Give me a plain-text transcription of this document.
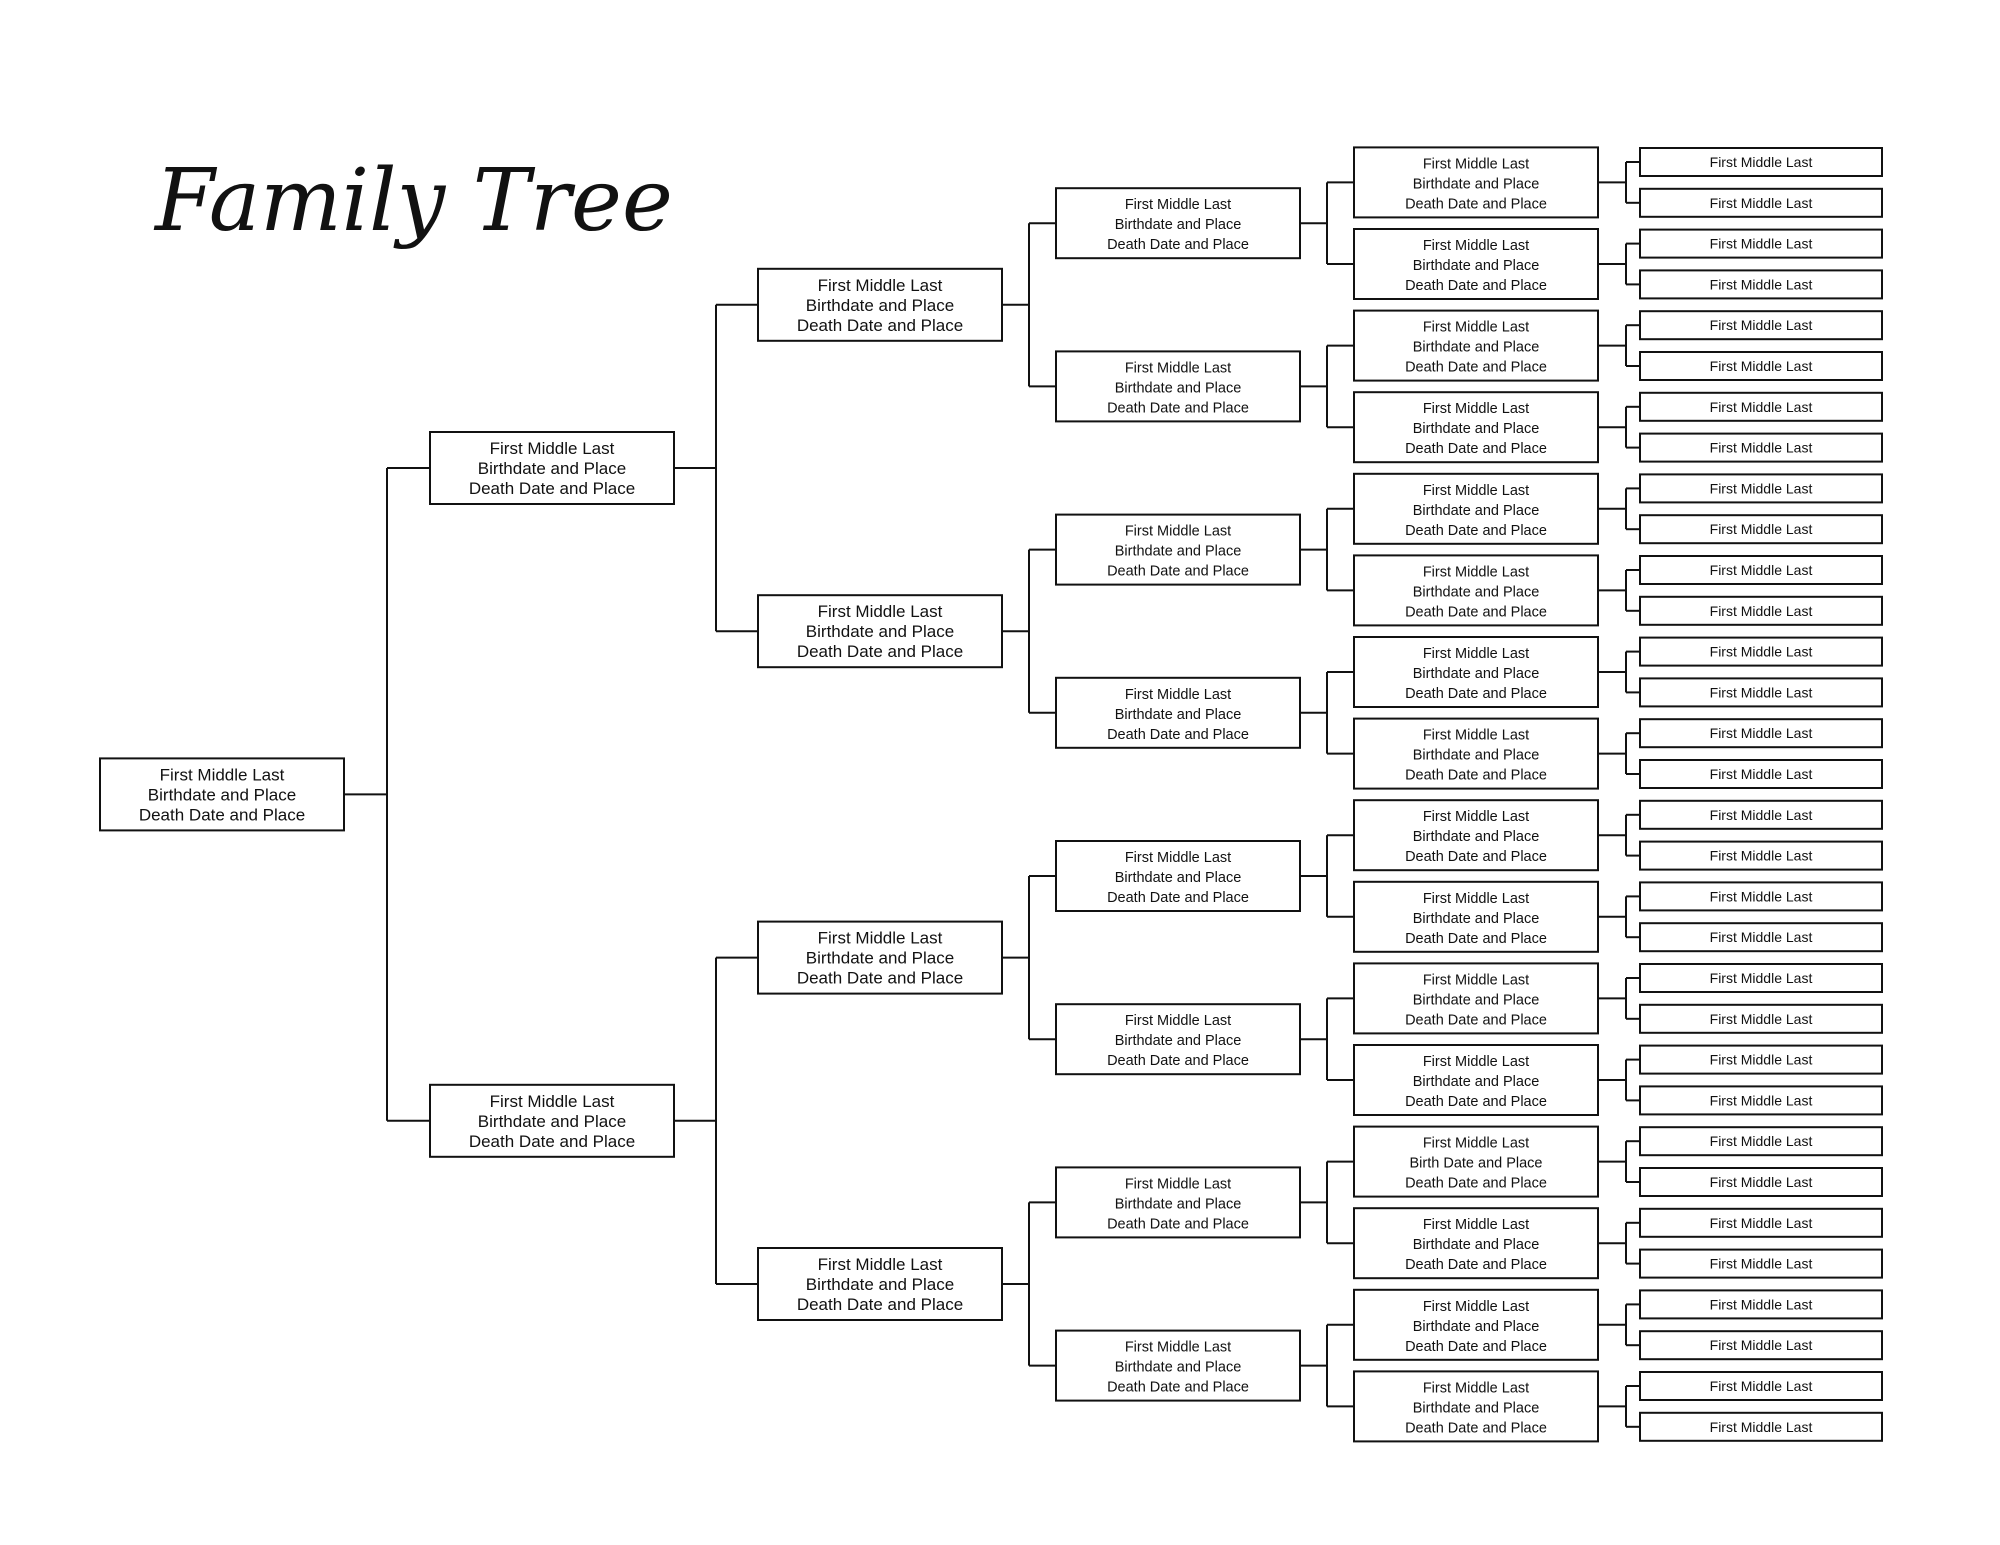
Family Tree
First Middle Last
Birthdate and Place
Death Date and Place
First Middle Last
Birthdate and Place
Death Date and Place
First Middle Last
Birthdate and Place
Death Date and Place
First Middle Last
Birthdate and Place
Death Date and Place
First Middle Last
Birthdate and Place
Death Date and Place
First Middle Last
Birthdate and Place
Death Date and Place
First Middle Last
Birthdate and Place
Death Date and Place
First Middle Last
Birthdate and Place
Death Date and Place
First Middle Last
Birthdate and Place
Death Date and Place
First Middle Last
Birthdate and Place
Death Date and Place
First Middle Last
Birthdate and Place
Death Date and Place
First Middle Last
Birthdate and Place
Death Date and Place
First Middle Last
Birthdate and Place
Death Date and Place
First Middle Last
Birthdate and Place
Death Date and Place
First Middle Last
Birthdate and Place
Death Date and Place
First Middle Last
Birthdate and Place
Death Date and Place
First Middle Last
Birthdate and Place
Death Date and Place
First Middle Last
Birthdate and Place
Death Date and Place
First Middle Last
Birthdate and Place
Death Date and Place
First Middle Last
Birthdate and Place
Death Date and Place
First Middle Last
Birthdate and Place
Death Date and Place
First Middle Last
Birthdate and Place
Death Date and Place
First Middle Last
Birthdate and Place
Death Date and Place
First Middle Last
Birthdate and Place
Death Date and Place
First Middle Last
Birthdate and Place
Death Date and Place
First Middle Last
Birthdate and Place
Death Date and Place
First Middle Last
Birthdate and Place
Death Date and Place
First Middle Last
Birth Date and Place
Death Date and Place
First Middle Last
Birthdate and Place
Death Date and Place
First Middle Last
Birthdate and Place
Death Date and Place
First Middle Last
Birthdate and Place
Death Date and Place
First Middle Last
First Middle Last
First Middle Last
First Middle Last
First Middle Last
First Middle Last
First Middle Last
First Middle Last
First Middle Last
First Middle Last
First Middle Last
First Middle Last
First Middle Last
First Middle Last
First Middle Last
First Middle Last
First Middle Last
First Middle Last
First Middle Last
First Middle Last
First Middle Last
First Middle Last
First Middle Last
First Middle Last
First Middle Last
First Middle Last
First Middle Last
First Middle Last
First Middle Last
First Middle Last
First Middle Last
First Middle Last
